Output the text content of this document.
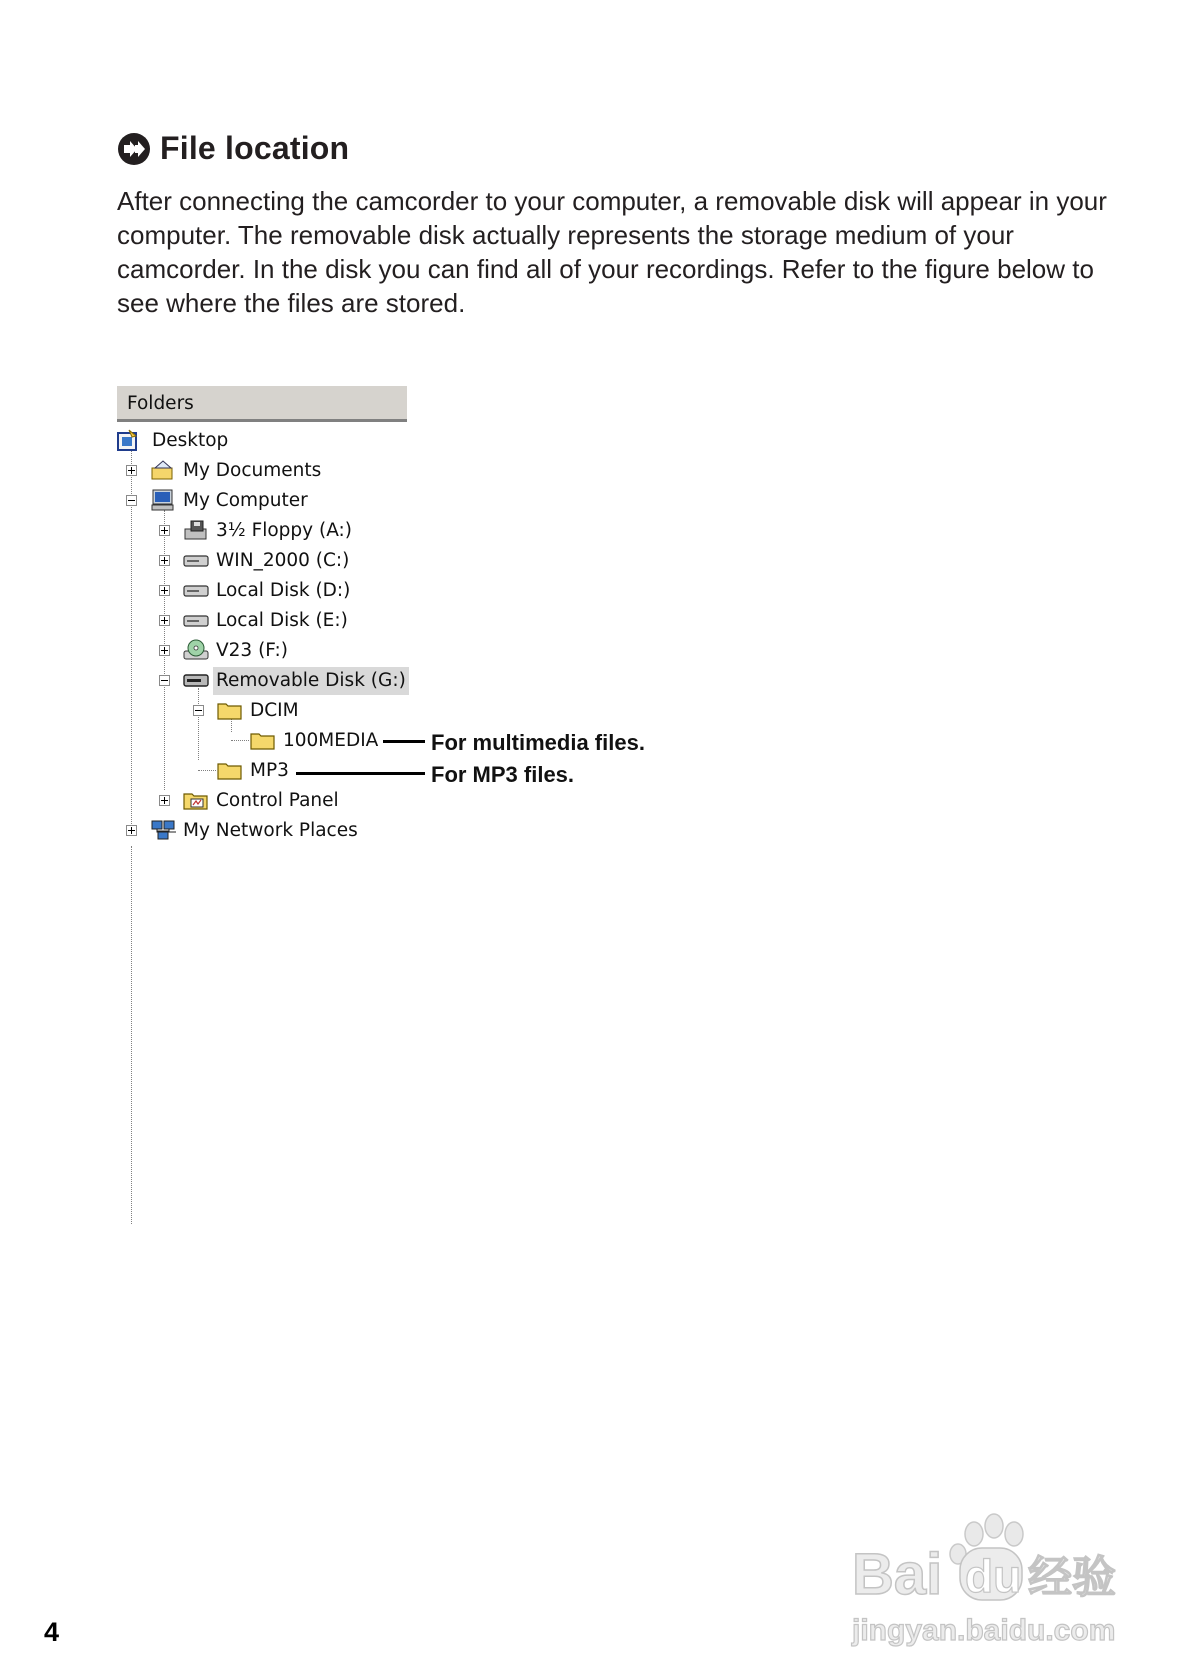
File location

After connecting the camcorder to your computer, a removable disk will appear in your computer. The removable disk actually represents the storage medium of your camcorder. In the disk you can find all of your recordings. Refer to the figure below to see where the files are stored.

Folders
Desktop
My Documents
My Computer
3½ Floppy (A:)
WIN_2000 (C:)
Local Disk (D:)
Local Disk (E:)
V23 (F:)
Removable Disk (G:)
DCIM
100MEDIA
MP3
Control Panel
My Network Places
For multimedia files.
For MP3 files.
4
Bai du 经验
jingyan.baidu.com
